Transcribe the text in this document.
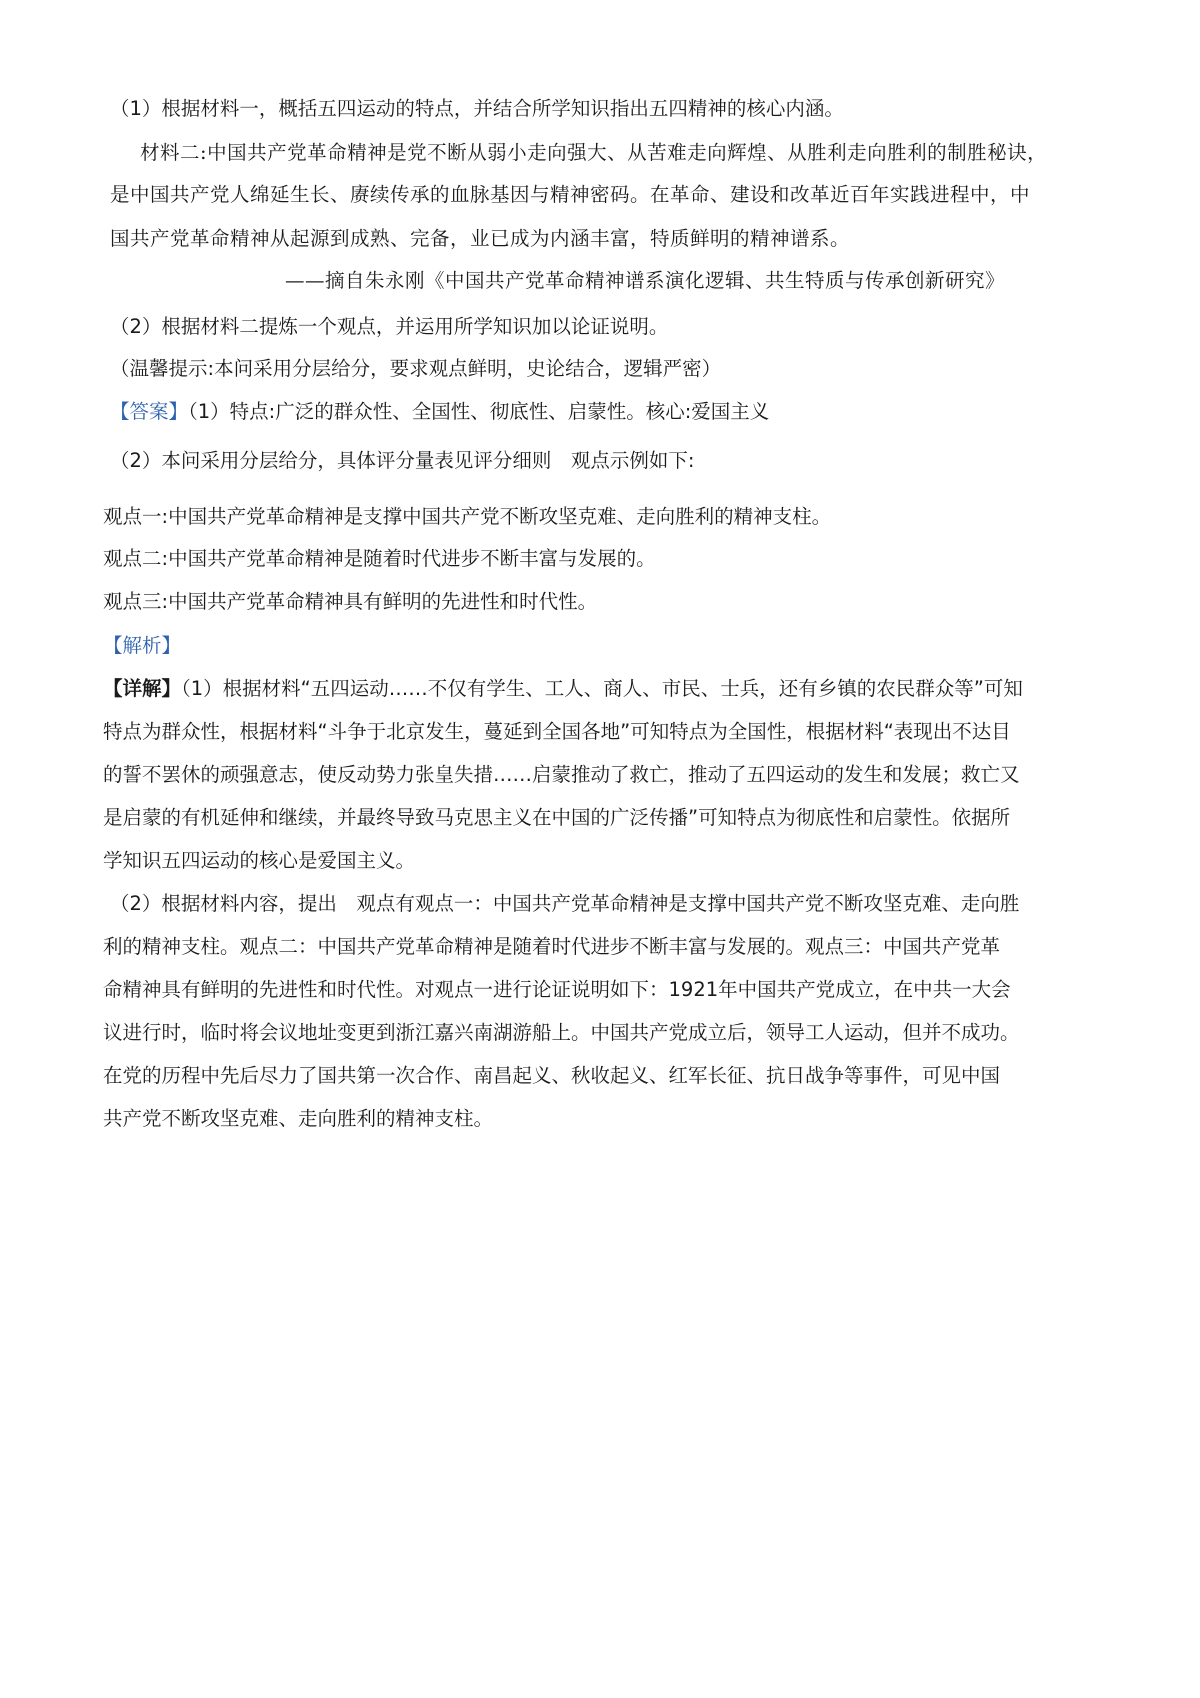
（1）根据材料一，概括五四运动的特点，并结合所学知识指出五四精神的核心内涵。
材料二:中国共产党革命精神是党不断从弱小走向强大、从苦难走向辉煌、从胜利走向胜利的制胜秘诀，
是中国共产党人绵延生长、赓续传承的血脉基因与精神密码。在革命、建设和改革近百年实践进程中，中
国共产党革命精神从起源到成熟、完备，业已成为内涵丰富，特质鲜明的精神谱系。
——摘自朱永刚《中国共产党革命精神谱系演化逻辑、共生特质与传承创新研究》
（2）根据材料二提炼一个观点，并运用所学知识加以论证说明。
（温馨提示:本问采用分层给分，要求观点鲜明，史论结合，逻辑严密）
【答案】（1）特点:广泛的群众性、全国性、彻底性、启蒙性。核心:爱国主义
（2）本问采用分层给分，具体评分量表见评分细则　观点示例如下:
观点一:中国共产党革命精神是支撑中国共产党不断攻坚克难、走向胜利的精神支柱。
观点二:中国共产党革命精神是随着时代进步不断丰富与发展的。
观点三:中国共产党革命精神具有鲜明的先进性和时代性。
【解析】
【详解】（1）根据材料“五四运动……不仅有学生、工人、商人、市民、士兵，还有乡镇的农民群众等”可知
特点为群众性，根据材料“斗争于北京发生，蔓延到全国各地”可知特点为全国性，根据材料“表现出不达目
的誓不罢休的顽强意志，使反动势力张皇失措……启蒙推动了救亡，推动了五四运动的发生和发展；救亡又
是启蒙的有机延伸和继续，并最终导致马克思主义在中国的广泛传播”可知特点为彻底性和启蒙性。依据所
学知识五四运动的核心是爱国主义。
（2）根据材料内容，提出　观点有观点一：中国共产党革命精神是支撑中国共产党不断攻坚克难、走向胜
利的精神支柱。观点二：中国共产党革命精神是随着时代进步不断丰富与发展的。观点三：中国共产党革
命精神具有鲜明的先进性和时代性。对观点一进行论证说明如下：1921年中国共产党成立，在中共一大会
议进行时，临时将会议地址变更到浙江嘉兴南湖游船上。中国共产党成立后，领导工人运动，但并不成功。
在党的历程中先后尽力了国共第一次合作、南昌起义、秋收起义、红军长征、抗日战争等事件，可见中国
共产党不断攻坚克难、走向胜利的精神支柱。
